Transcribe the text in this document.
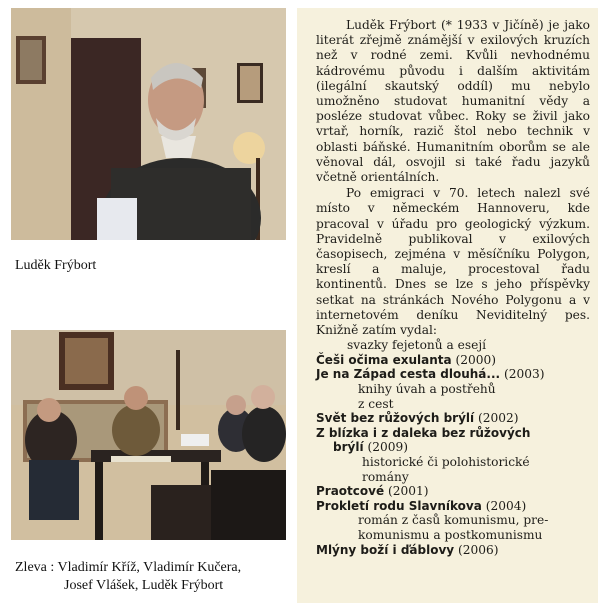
Luděk Frýbort
Zleva : Vladimír Kříž, Vladimír Kučera,
Josef Vlášek, Luděk Frýbort

Luděk Frýbort (* 1933 v Jičíně) je jako literát zřejmě známější v exilových kruzích než v rodné zemi. Kvůli nevhodnému kádrovému původu i dalším aktivitám (ilegální skautský oddíl) mu nebylo umožněno studovat humanitní vědy a posléze studovat vůbec. Roky se živil jako vrtař, horník, razič štol nebo technik v oblasti báňské. Humanitním oborům se ale věnoval dál, osvojil si také řadu jazyků včetně orientálních.

Po emigraci v 70. letech nalezl své místo v německém Hannoveru, kde pracoval v úřadu pro geologický výzkum. Pravidelně publikoval v exilových časopisech, zejména v měsíčníku Polygon, kreslí a maluje, procestoval řadu kontinentů. Dnes se lze s jeho příspěvky setkat na stránkách Nového Polygonu a v internetovém deníku Neviditelný pes. Knižně zatím vydal:

svazky fejetonů a esejí
Češi očima exulanta (2000)
Je na Západ cesta dlouhá... (2003)
knihy úvah a postřehů
z cest
Svět bez růžových brýlí (2002)
Z blízka i z daleka bez růžových
brýlí (2009)
historické či polohistorické
romány
Praotcové (2001)
Prokletí rodu Slavníkova (2004)
román z časů komunismu, pre-
komunismu a postkomunismu
Mlýny boží i ďáblovy (2006)
